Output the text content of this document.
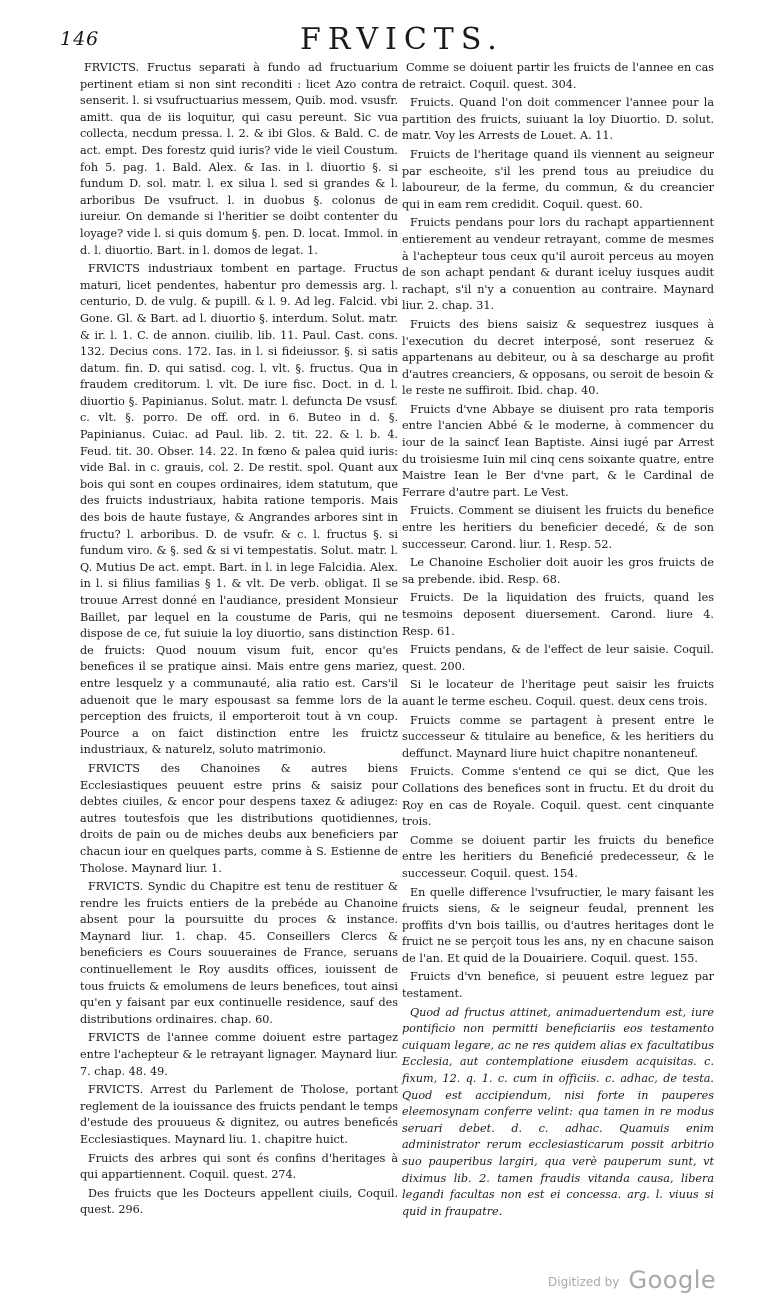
146	FRVICTS.

FRVICTS. Fructus separati à fundo ad fructuarium pertinent etiam si non sint reconditi : licet Azo contra senserit. l. si vsufructuarius messem, Quib. mod. vsusfr. amitt. qua de iis loquitur, qui casu pereunt. Sic vua collecta, necdum pressa. l. 2. & ibi Glos. & Bald. C. de act. empt. Des forestz quid iuris? vide le vieil Coustum. foh 5. pag. 1. Bald. Alex. & Ias. in l. diuortio §. si fundum D. sol. matr. l. ex silua l. sed si grandes & l. arboribus De vsufruct. l. in duobus §. colonus de iureiur. On demande si l'heritier se doibt contenter du loyage? vide l. si quis domum §. pen. D. locat. Immol. in d. l. diuortio. Bart. in l. domos de legat. 1.

FRVICTS industriaux tombent en partage. Fructus maturi, licet pendentes, habentur pro demessis arg. l. centurio, D. de vulg. & pupill. & l. 9. Ad leg. Falcid. vbi Gone. Gl. & Bart. ad l. diuortio §. interdum. Solut. matr. & ir. l. 1. C. de annon. ciuilib. lib. 11. Paul. Cast. cons. 132. Decius cons. 172. Ias. in l. si fideiussor. §. si satis datum. fin. D. qui satisd. cog. l. vlt. §. fructus. Qua in fraudem creditorum. l. vlt. De iure fisc. Doct. in d. l. diuortio §. Papinianus. Solut. matr. l. defuncta De vsusf. c. vlt. §. porro. De off. ord. in 6. Buteo in d. §. Papinianus. Cuiac. ad Paul. lib. 2. tit. 22. & l. b. 4. Feud. tit. 30. Obser. 14. 22. In fœno & palea quid iuris: vide Bal. in c. grauis, col. 2. De restit. spol. Quant aux bois qui sont en coupes ordinaires, idem statutum, que des fruicts industriaux, habita ratione temporis. Mais des bois de haute fustaye, & Angrandes arbores sint in fructu? l. arboribus. D. de vsufr. & c. l. fructus §. si fundum viro. & §. sed & si vi tempestatis. Solut. matr. l. Q. Mutius De act. empt. Bart. in l. in lege Falcidia. Alex. in l. si filius familias § 1. & vlt. De verb. obligat. Il se trouue Arrest donné en l'audiance, president Monsieur Baillet, par lequel en la coustume de Paris, qui ne dispose de ce, fut suiuie la loy diuortio, sans distinction de fruicts: Quod nouum visum fuit, encor qu'es benefices il se pratique ainsi. Mais entre gens mariez, entre lesquelz y a communauté, alia ratio est. Cars'il aduenoit que le mary espousast sa femme lors de la perception des fruicts, il emporteroit tout à vn coup. Pource a on faict distinction entre les fruictz industriaux, & naturelz, soluto matrimonio.

FRVICTS des Chanoines & autres biens Ecclesiastiques peuuent estre prins & saisiz pour debtes ciuiles, & encor pour despens taxez & adiugez: autres toutesfois que les distributions quotidiennes, droits de pain ou de miches deubs aux beneficiers par chacun iour en quelques parts, comme à S. Estienne de Tholose. Maynard liur. 1.

FRVICTS. Syndic du Chapitre est tenu de restituer & rendre les fruicts entiers de la prebéde au Chanoine absent pour la poursuitte du proces & instance. Maynard liur. 1. chap. 45. Conseillers Clercs & beneficiers es Cours souueraines de France, seruans continuellement le Roy ausdits offices, iouissent de tous fruicts & emolumens de leurs benefices, tout ainsi qu'en y faisant par eux continuelle residence, sauf des distributions ordinaires. chap. 60.

FRVICTS de l'annee comme doiuent estre partagez entre l'achepteur & le retrayant lignager. Maynard liur. 7. chap. 48. 49.

FRVICTS. Arrest du Parlement de Tholose, portant reglement de la iouissance des fruicts pendant le temps d'estude des prouueus & dignitez, ou autres beneficés Ecclesiastiques. Maynard liu. 1. chapitre huict.

Fruicts des arbres qui sont és confins d'heritages à qui appartiennent. Coquil. quest. 274.

Des fruicts que les Docteurs appellent ciuils, Coquil. quest. 296.

Comme se doiuent partir les fruicts de l'annee en cas de retraict. Coquil. quest. 304.

Fruicts. Quand l'on doit commencer l'annee pour la partition des fruicts, suiuant la loy Diuortio. D. solut. matr. Voy les Arrests de Louet. A. 11.

Fruicts de l'heritage quand ils viennent au seigneur par escheoite, s'il les prend tous au preiudice du laboureur, de la ferme, du commun, & du creancier qui in eam rem credidit. Coquil. quest. 60.

Fruicts pendans pour lors du rachapt appartiennent entierement au vendeur retrayant, comme de mesmes à l'achepteur tous ceux qu'il auroit perceus au moyen de son achapt pendant & durant iceluy iusques audit rachapt, s'il n'y a conuention au contraire. Maynard liur. 2. chap. 31.

Fruicts des biens saisiz & sequestrez iusques à l'execution du decret interposé, sont reseruez & appartenans au debiteur, ou à sa descharge au profit d'autres creanciers, & opposans, ou seroit de besoin & le reste ne suffiroit. Ibid. chap. 40.

Fruicts d'vne Abbaye se diuisent pro rata temporis entre l'ancien Abbé & le moderne, à commencer du iour de la saincť Iean Baptiste. Ainsi iugé par Arrest du troisiesme Iuin mil cinq cens soixante quatre, entre Maistre Iean le Ber d'vne part, & le Cardinal de Ferrare d'autre part. Le Vest.

Fruicts. Comment se diuisent les fruicts du benefice entre les heritiers du beneficier decedé, & de son successeur. Carond. liur. 1. Resp. 52.

Le Chanoine Escholier doit auoir les gros fruicts de sa prebende. ibid. Resp. 68.

Fruicts. De la liquidation des fruicts, quand les tesmoins deposent diuersement. Carond. liure 4. Resp. 61.

Fruicts pendans, & de l'effect de leur saisie. Coquil. quest. 200.

Si le locateur de l'heritage peut saisir les fruicts auant le terme escheu. Coquil. quest. deux cens trois.

Fruicts comme se partagent à present entre le successeur & titulaire au benefice, & les heritiers du deffunct. Maynard liure huict chapitre nonanteneuf.

Fruicts. Comme s'entend ce qui se dict, Que les Collations des benefices sont in fructu. Et du droit du Roy en cas de Royale. Coquil. quest. cent cinquante trois.

Comme se doiuent partir les fruicts du benefice entre les heritiers du Beneficié predecesseur, & le successeur. Coquil. quest. 154.

En quelle difference l'vsufructier, le mary faisant les fruicts siens, & le seigneur feudal, prennent les proffits d'vn bois taillis, ou d'autres heritages dont le fruict ne se perçoit tous les ans, ny en chacune saison de l'an. Et quid de la Douairiere. Coquil. quest. 155.

Fruicts d'vn benefice, si peuuent estre leguez par testament.

Quod ad fructus attinet, animaduertendum est, iure pontificio non permitti beneficiariis eos testamento cuiquam legare, ac ne res quidem alias ex facultatibus Ecclesia, aut contemplatione eiusdem acquisitas. c. fixum, 12. q. 1. c. cum in officiis. c. adhac, de testa. Quod est accipiendum, nisi forte in pauperes eleemosynam conferre velint: qua tamen in re modus seruari debet. d. c. adhac. Quamuis enim administrator rerum ecclesiasticarum possit arbitrio suo pauperibus largiri, qua verè pauperum sunt, vt diximus lib. 2. tamen fraudis vitanda causa, libera legandi facultas non est ei concessa. arg. l. viuus si quid in fraupatre.

Digitized by Google
